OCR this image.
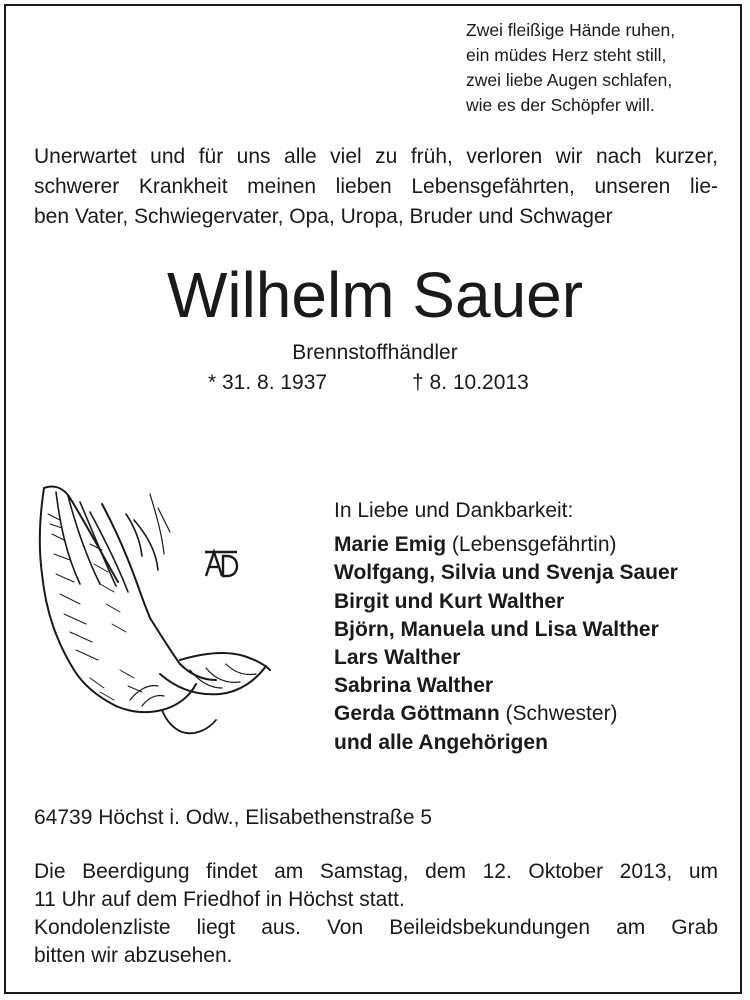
Zwei fleißige Hände ruhen,
ein müdes Herz steht still,
zwei liebe Augen schlafen,
wie es der Schöpfer will.
Unerwartet und für uns alle viel zu früh, verloren wir nach kurzer,
schwerer Krankheit meinen lieben Lebensgefährten, unseren lie-
ben Vater, Schwiegervater, Opa, Uropa, Bruder und Schwager
Wilhelm Sauer
Brennstoffhändler
* 31. 8. 1937	† 8. 10.2013
In Liebe und Dankbarkeit:
Marie Emig (Lebensgefährtin)
Wolfgang, Silvia und Svenja Sauer
Birgit und Kurt Walther
Björn, Manuela und Lisa Walther
Lars Walther
Sabrina Walther
Gerda Göttmann (Schwester)
und alle Angehörigen
64739 Höchst i. Odw., Elisabethenstraße 5
Die Beerdigung findet am Samstag, dem 12. Oktober 2013, um
11 Uhr auf dem Friedhof in Höchst statt.
Kondolenzliste liegt aus. Von Beileidsbekundungen am Grab
bitten wir abzusehen.
